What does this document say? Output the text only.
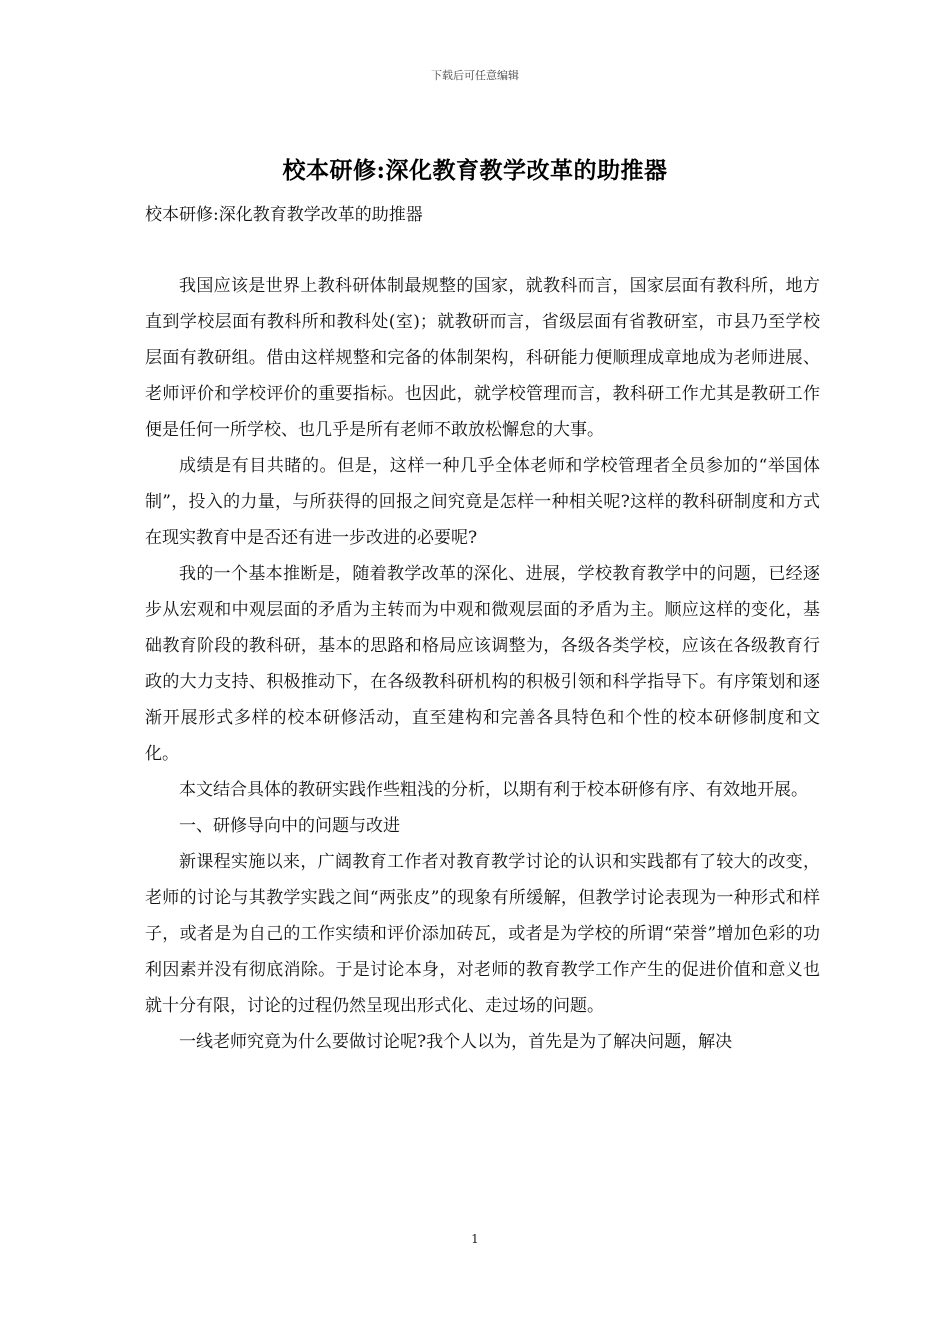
下载后可任意编辑
校本研修:深化教育教学改革的助推器
校本研修:深化教育教学改革的助推器

我国应该是世界上教科研体制最规整的国家，就教科而言，国家层面有教科所，地方直到学校层面有教科所和教科处(室)；就教研而言，省级层面有省教研室，市县乃至学校层面有教研组。借由这样规整和完备的体制架构，科研能力便顺理成章地成为老师进展、老师评价和学校评价的重要指标。也因此，就学校管理而言，教科研工作尤其是教研工作便是任何一所学校、也几乎是所有老师不敢放松懈怠的大事。

成绩是有目共睹的。但是，这样一种几乎全体老师和学校管理者全员参加的“举国体制”，投入的力量，与所获得的回报之间究竟是怎样一种相关呢?这样的教科研制度和方式在现实教育中是否还有进一步改进的必要呢?

我的一个基本推断是，随着教学改革的深化、进展，学校教育教学中的问题，已经逐步从宏观和中观层面的矛盾为主转而为中观和微观层面的矛盾为主。顺应这样的变化，基础教育阶段的教科研，基本的思路和格局应该调整为，各级各类学校，应该在各级教育行政的大力支持、积极推动下，在各级教科研机构的积极引领和科学指导下。有序策划和逐渐开展形式多样的校本研修活动，直至建构和完善各具特色和个性的校本研修制度和文化。

本文结合具体的教研实践作些粗浅的分析，以期有利于校本研修有序、有效地开展。

一、研修导向中的问题与改进

新课程实施以来，广阔教育工作者对教育教学讨论的认识和实践都有了较大的改变，老师的讨论与其教学实践之间“两张皮”的现象有所缓解，但教学讨论表现为一种形式和样子，或者是为自己的工作实绩和评价添加砖瓦，或者是为学校的所谓“荣誉”增加色彩的功利因素并没有彻底消除。于是讨论本身，对老师的教育教学工作产生的促进价值和意义也就十分有限，讨论的过程仍然呈现出形式化、走过场的问题。

一线老师究竟为什么要做讨论呢?我个人以为，首先是为了解决问题，解决

1
